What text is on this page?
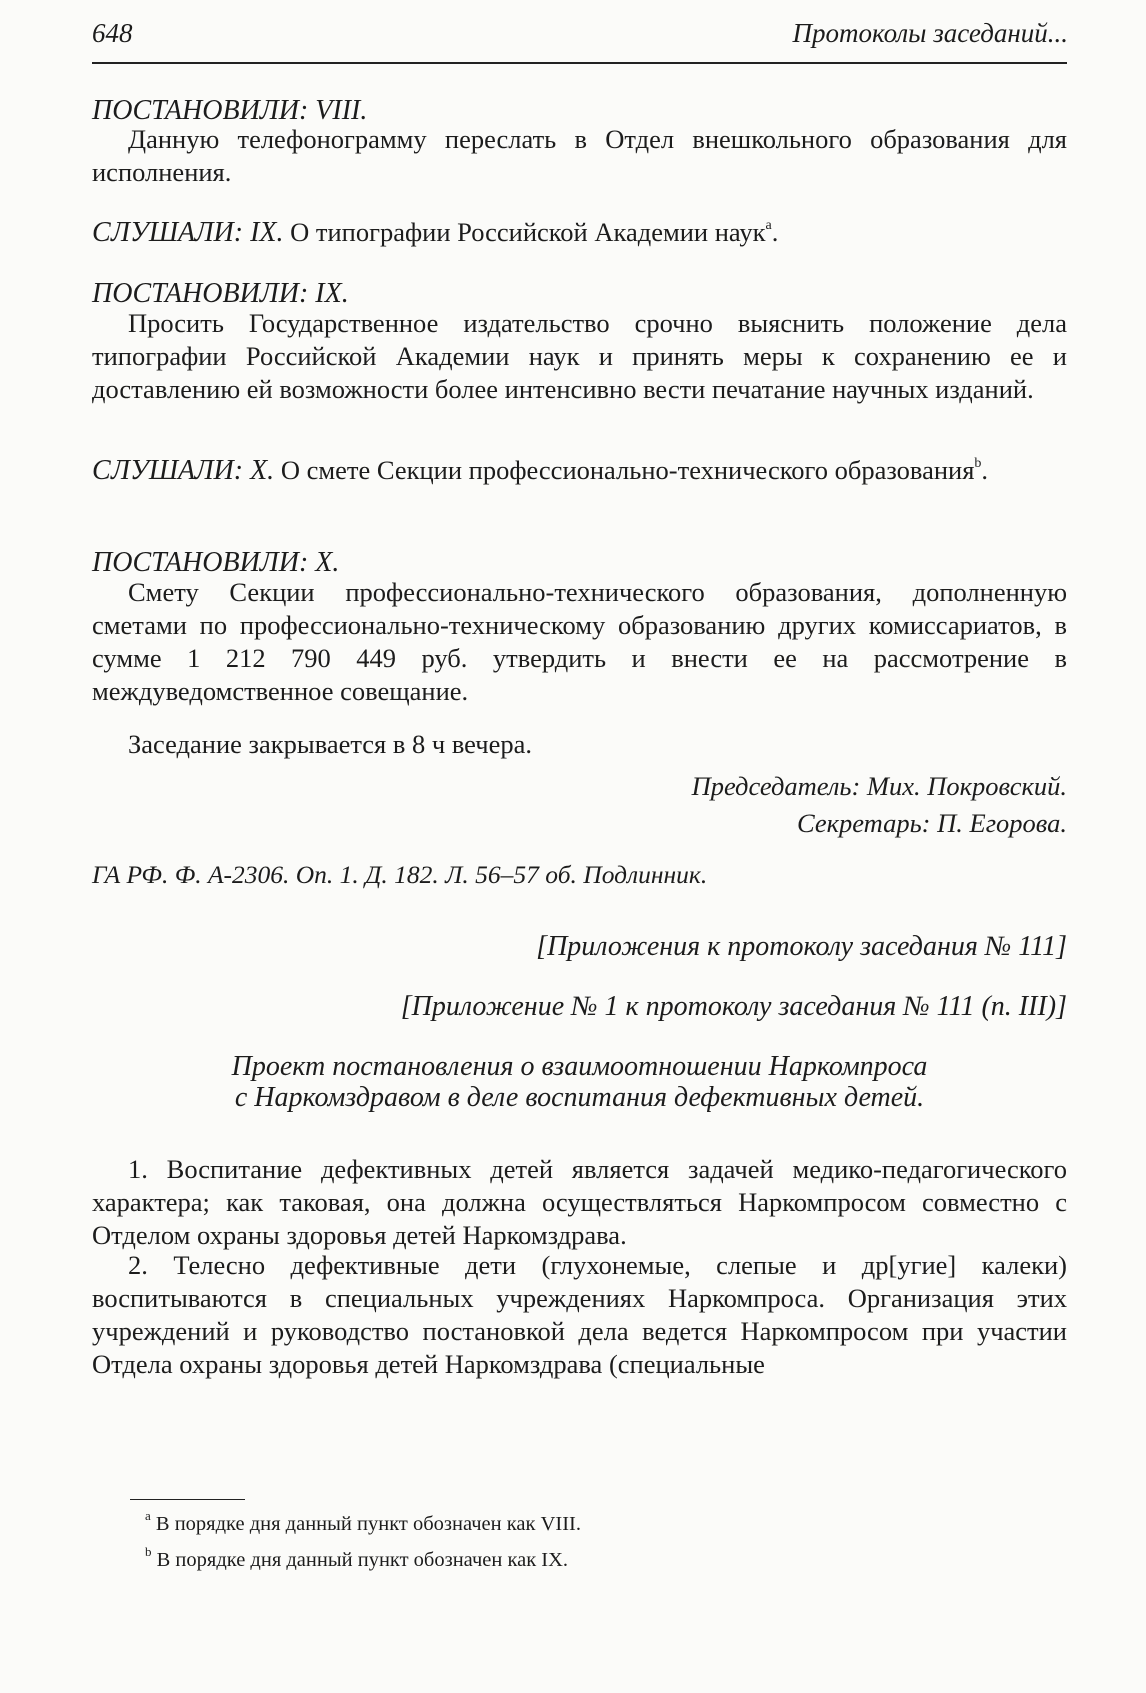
648	Протоколы заседаний...
ПОСТАНОВИЛИ: VIII.
Данную телефонограмму переслать в Отдел внешкольного образования для исполнения.
СЛУШАЛИ: IX. О типографии Российской Академии наук$^a$.
ПОСТАНОВИЛИ: IX.
Просить Государственное издательство срочно выяснить положение дела типографии Российской Академии наук и принять меры к сохранению ее и доставлению ей возможности более интенсивно вести печатание научных изданий.
СЛУШАЛИ: X. О смете Секции профессионально-технического образования$^b$.
ПОСТАНОВИЛИ: X.
Смету Секции профессионально-технического образования, дополненную сметами по профессионально-техническому образованию других комиссариатов, в сумме 1 212 790 449 руб. утвердить и внести ее на рассмотрение в междуведомственное совещание.
Заседание закрывается в 8 ч вечера.
Председатель: Мих. Покровский.
Секретарь: П. Егорова.
ГА РФ. Ф. А-2306. Оп. 1. Д. 182. Л. 56–57 об. Подлинник.
[Приложения к протоколу заседания № 111]
[Приложение № 1 к протоколу заседания № 111 (п. III)]
Проект постановления о взаимоотношении Наркомпроса
с Наркомздравом в деле воспитания дефективных детей.
1. Воспитание дефективных детей является задачей медико-педагогического характера; как таковая, она должна осуществляться Наркомпросом совместно с Отделом охраны здоровья детей Наркомздрава.
2. Телесно дефективные дети (глухонемые, слепые и др[угие] калеки) воспитываются в специальных учреждениях Наркомпроса. Организация этих учреждений и руководство постановкой дела ведется Наркомпросом при участии Отдела охраны здоровья детей Наркомздрава (специальные
$^a$ В порядке дня данный пункт обозначен как VIII.
$^b$ В порядке дня данный пункт обозначен как IX.
